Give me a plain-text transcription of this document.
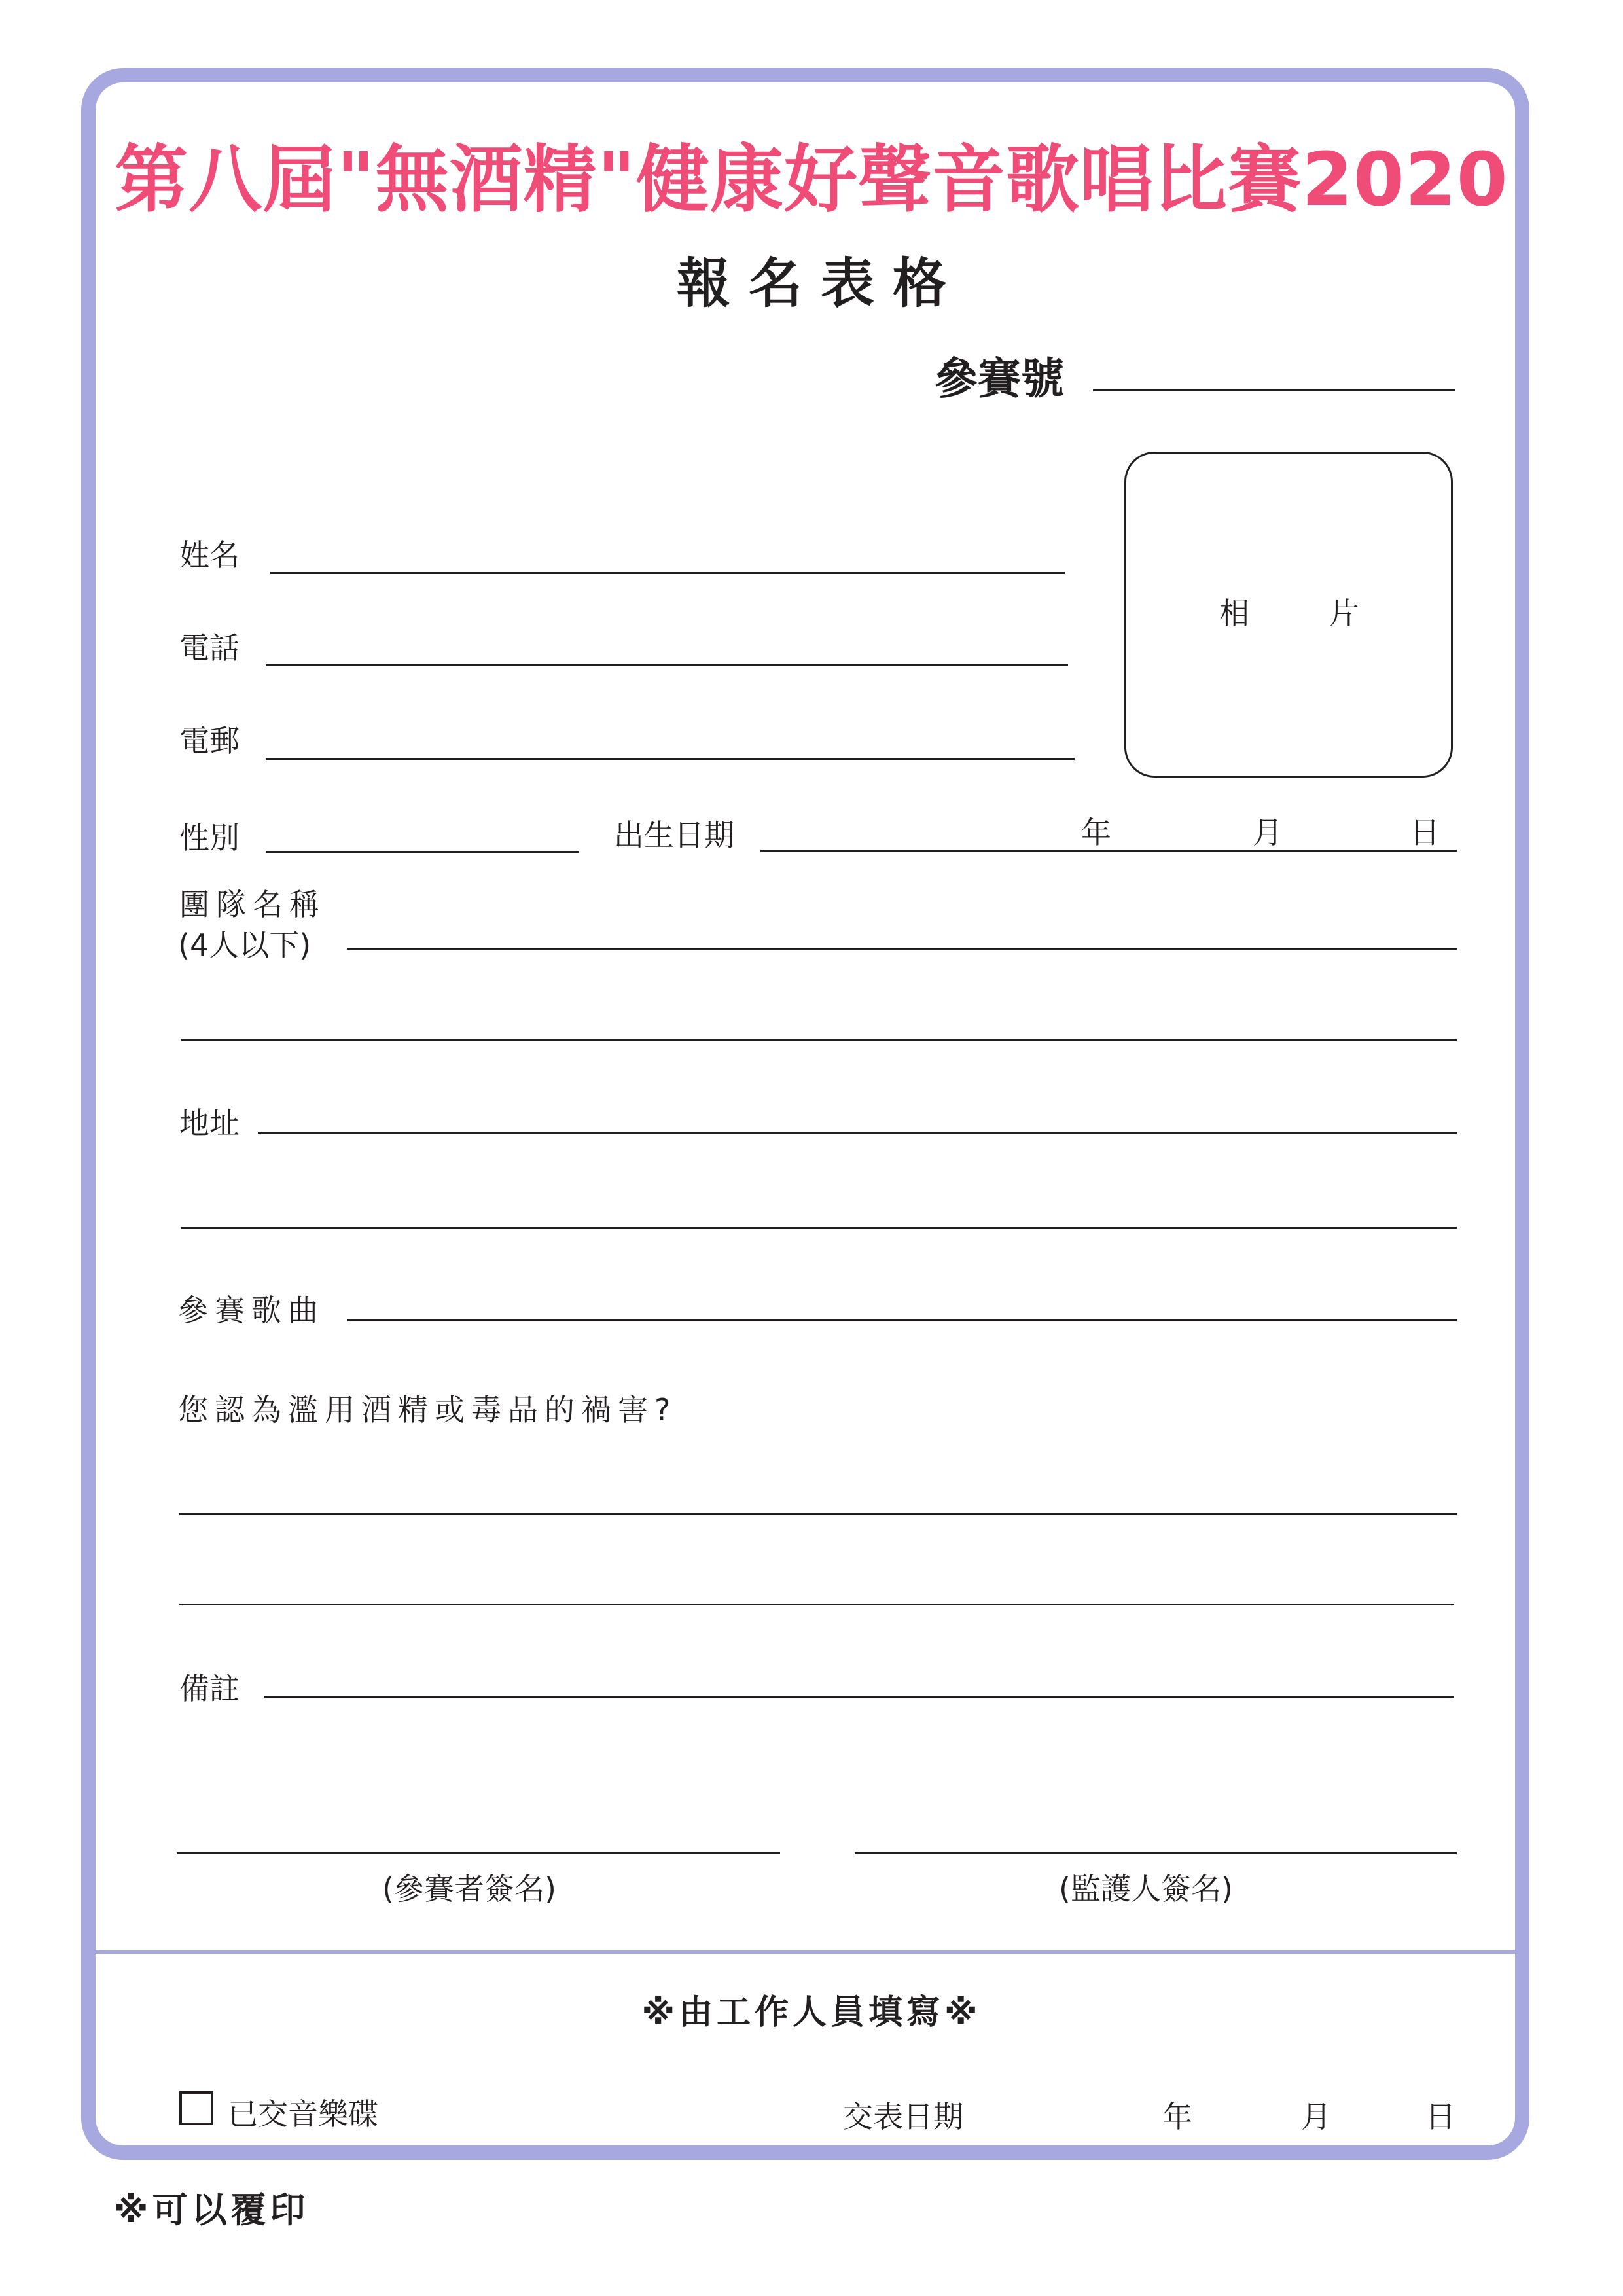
第八屆"無酒精"健康好聲音歌唱比賽2020
報名表格
參賽號
相	片
姓名
電話
電郵
性別	出生日期	年	月	日
團隊名稱
(4人以下)
地址
參賽歌曲
您認為濫用酒精或毒品的禍害?
備註
(參賽者簽名)	(監護人簽名)
※由工作人員填寫※
已交音樂碟	交表日期	年	月	日
※可以覆印
